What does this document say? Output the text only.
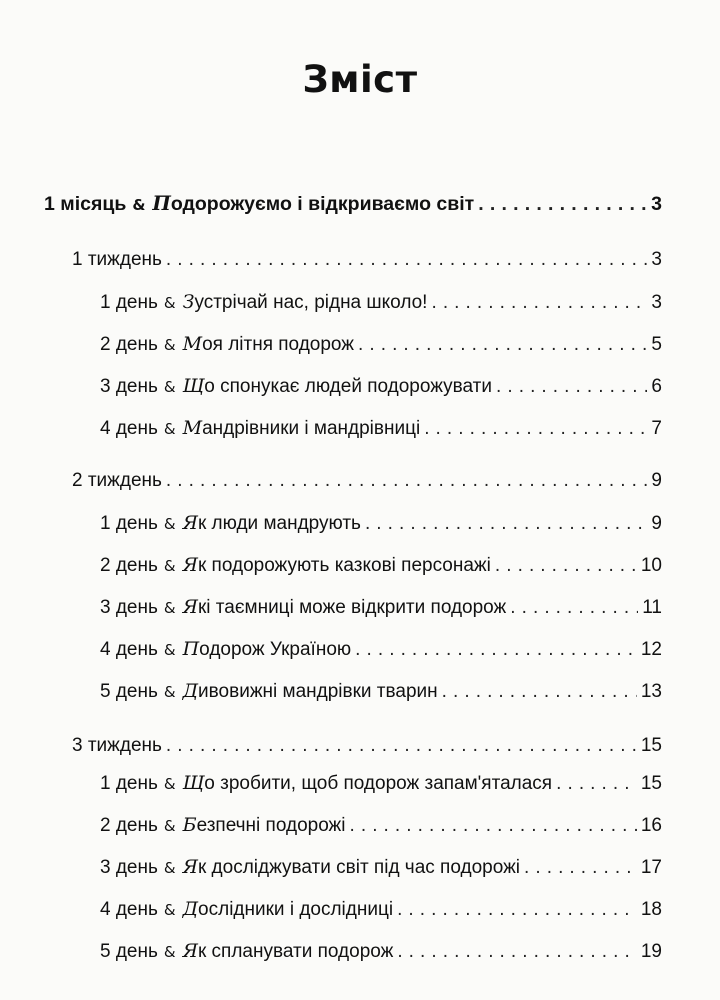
Зміст
1 місяць & Подорожуємо і відкриваємо світ . . .	3
1 тиждень . . .	3
1 день & Зустрічай нас, рідна школо! . . .	3
2 день & Моя літня подорож . . .	5
3 день & Що спонукає людей подорожувати . . .	6
4 день & Мандрівники і мандрівниці . . .	7
2 тиждень . . .	9
1 день & Як люди мандрують . . .	9
2 день & Як подорожують казкові персонажі . . .	10
3 день & Які таємниці може відкрити подорож . . .	11
4 день & Подорож Україною . . .	12
5 день & Дивовижні мандрівки тварин . . .	13
3 тиждень . . .	15
1 день & Що зробити, щоб подорож запам'яталася . . .	15
2 день & Безпечні подорожі . . .	16
3 день & Як досліджувати світ під час подорожі . . .	17
4 день & Дослідники і дослідниці . . .	18
5 день & Як спланувати подорож . . .	19
